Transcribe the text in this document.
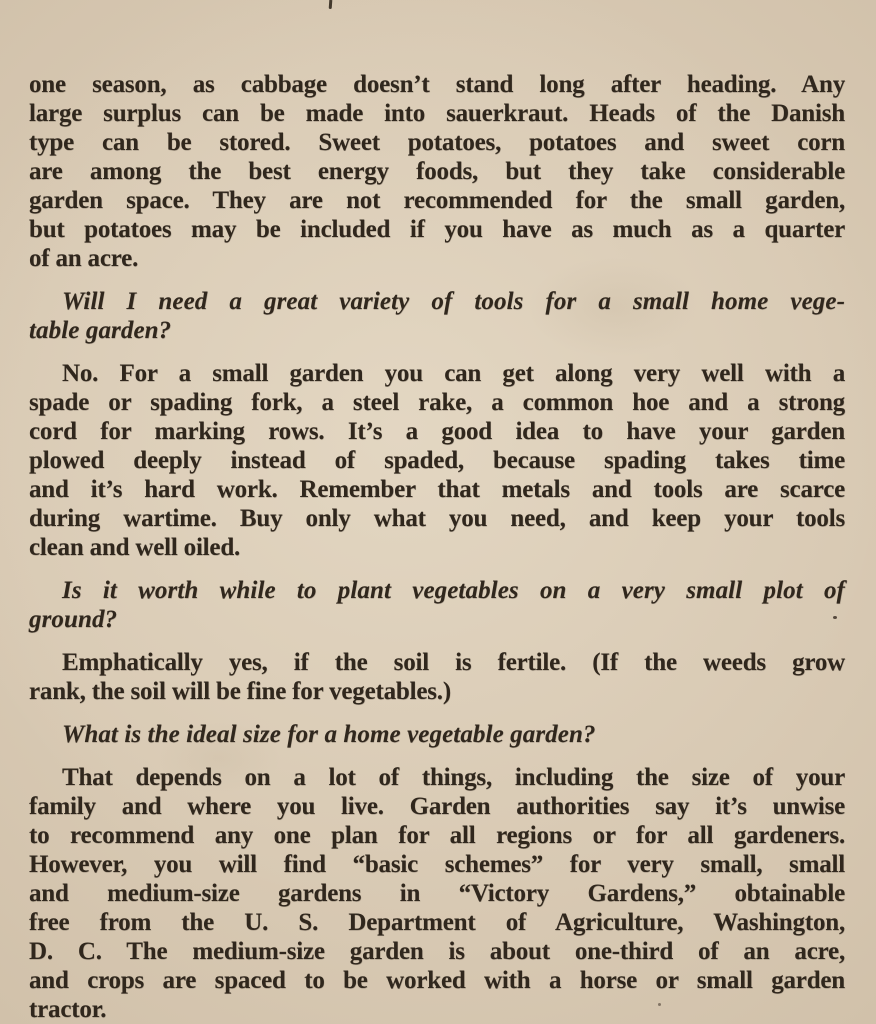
one season, as cabbage doesn’t stand long after heading. Any
large surplus can be made into sauerkraut. Heads of the Danish
type can be stored. Sweet potatoes, potatoes and sweet corn
are among the best energy foods, but they take considerable
garden space. They are not recommended for the small garden,
but potatoes may be included if you have as much as a quarter
of an acre.
Will I need a great variety of tools for a small home vege-
table garden?
No. For a small garden you can get along very well with a
spade or spading fork, a steel rake, a common hoe and a strong
cord for marking rows. It’s a good idea to have your garden
plowed deeply instead of spaded, because spading takes time
and it’s hard work. Remember that metals and tools are scarce
during wartime. Buy only what you need, and keep your tools
clean and well oiled.
Is it worth while to plant vegetables on a very small plot of
ground?
Emphatically yes, if the soil is fertile. (If the weeds grow
rank, the soil will be fine for vegetables.)
What is the ideal size for a home vegetable garden?
That depends on a lot of things, including the size of your
family and where you live. Garden authorities say it’s unwise
to recommend any one plan for all regions or for all gardeners.
However, you will find “basic schemes” for very small, small
and medium-size gardens in “Victory Gardens,” obtainable
free from the U. S. Department of Agriculture, Washington,
D. C. The medium-size garden is about one-third of an acre,
and crops are spaced to be worked with a horse or small garden
tractor.
